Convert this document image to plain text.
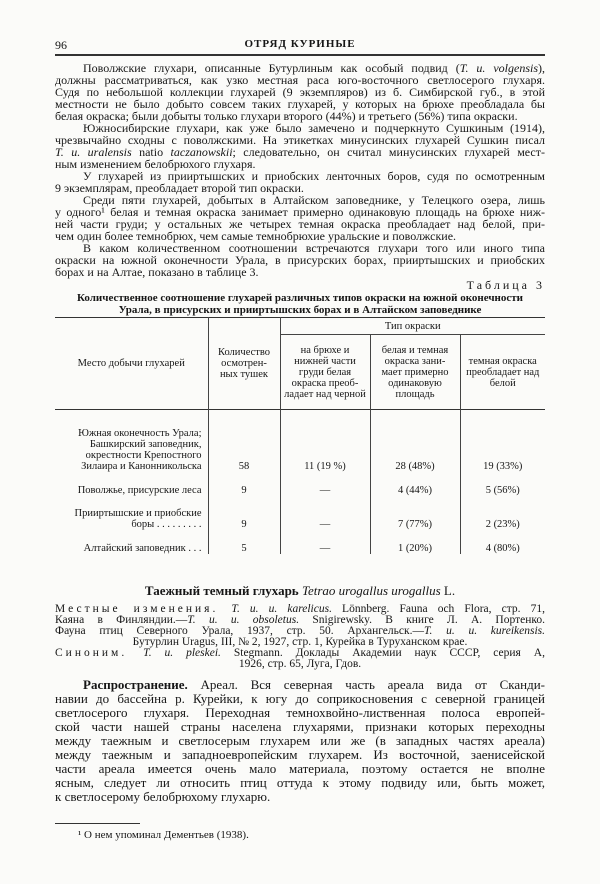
96	ОТРЯД КУРИНЫЕ
Поволжские глухари, описанные Бутурлиным как особый подвид (T. u. volgensis),
должны рассматриваться, как узко местная раса юго-восточного светлосерого глухаря.
Судя по небольшой коллекции глухарей (9 экземпляров) из б. Симбирской губ., в этой
местности не было добыто совсем таких глухарей, у которых на брюхе преобладала бы
белая окраска; были добыты только глухари второго (44%) и третьего (56%) типа окраски.
Южносибирские глухари, как уже было замечено и подчеркнуто Сушкиным (1914),
чрезвычайно сходны с поволжскими. На этикетках минусинских глухарей Сушкин писал
T. u. uralensis natio taczanowskii; следовательно, он считал минусинских глухарей мест-
ным изменением белобрюхого глухаря.
У глухарей из прииртышских и приобских ленточных боров, судя по осмотренным
9 экземплярам, преобладает второй тип окраски.
Среди пяти глухарей, добытых в Алтайском заповеднике, у Телецкого озера, лишь
у одного¹ белая и темная окраска занимает примерно одинаковую площадь на брюхе ниж-
ней части груди; у остальных же четырех темная окраска преобладает над белой, при-
чем один более темнобрюх, чем самые темнобрюхие уральские и поволжские.
В каком количественном соотношении встречаются глухари того или иного типа
окраски на южной оконечности Урала, в присурских борах, прииртышских и приобских
борах и на Алтае, показано в таблице 3.
Таблица 3
Количественное соотношение глухарей различных типов окраски на южной оконечности
Урала, в присурских и прииртышских борах и в Алтайском заповеднике
Место добычи глухарей	Количество осмотрен- ных тушек	Тип окраски		
		на брюхе и нижней части груди белая окраска преоб- ладает над черной	белая и темная окраска зани- мает примерно одинаковую площадь	темная окраска преобладает над белой
Южная оконечность Урала; Башкирский заповедник, окрестности Крепостного Зилаира и Канонникольска	58	11 (19 %)	28 (48%)	19 (33%)
Поволжье, присурские леса	9	—	4 (44%)	5 (56%)
Прииртышские и приобские боры . . . . . . . . .	9	—	7 (77%)	2 (23%)
Алтайский заповедник . . .	5	—	1 (20%)	4 (80%)
Таежный темный глухарь Tetrao urogallus urogallus L.
Местные изменения. T. u. u. karelicus. Lönnberg. Fauna och Flora, стр. 71,
Каяна в Финляндии.—T. u. u. obsoletus. Snigirewsky. В книге Л. А. Портенко.
Фауна птиц Северного Урала, 1937, стр. 50. Архангельск.—T. u. u. kureikensis.
Бутурлин Uragus, III, № 2, 1927, стр. 1, Курейка в Туруханском крае.
Синоним. T. u. pleskei. Stegmann. Доклады Академии наук СССР, серия А,
1926, стр. 65, Луга, Гдов.
Распространение. Ареал. Вся северная часть ареала вида от Сканди-
навии до бассейна р. Курейки, к югу до соприкосновения с северной границей
светлосерого глухаря. Переходная темнохвойно-лиственная полоса европей-
ской части нашей страны населена глухарями, признаки которых переходны
между таежным и светлосерым глухарем или же (в западных частях ареала)
между таежным и западноевропейским глухарем. Из восточной, заенисейской
части ареала имеется очень мало материала, поэтому остается не вполне
ясным, следует ли относить птиц оттуда к этому подвиду или, быть может,
к светлосерому белобрюхому глухарю.
¹ О нем упоминал Дементьев (1938).
